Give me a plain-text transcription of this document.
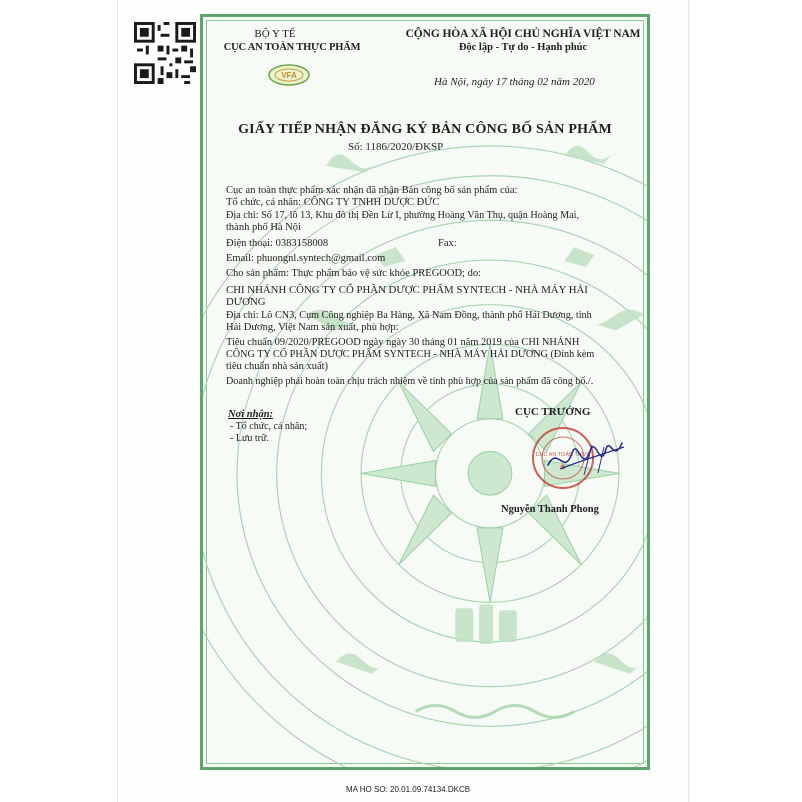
BỘ Y TẾ
CỤC AN TOÀN THỰC PHẨM
VFA
CỘNG HÒA XÃ HỘI CHỦ NGHĨA VIỆT NAM
Độc lập - Tự do - Hạnh phúc
Hà Nội, ngày 17 tháng 02 năm 2020
GIẤY TIẾP NHẬN ĐĂNG KÝ BẢN CÔNG BỐ SẢN PHẨM
Số: 1186/2020/ĐKSP
Cục an toàn thực phẩm xác nhận đã nhận Bản công bố sản phẩm của:
Tổ chức, cá nhân: CÔNG TY TNHH DƯỢC ĐỨC
Địa chỉ: Số 17, lô 13, Khu đô thị Đền Lừ I, phường Hoàng Văn Thụ, quận Hoàng Mai,
thành phố Hà Nội
Điện thoại: 0383158008	Fax:
Email: phuongnl.syntech@gmail.com
Cho sản phẩm: Thực phẩm bảo vệ sức khỏe PREGOOD; do:
CHI NHÁNH CÔNG TY CỔ PHẦN DƯỢC PHẨM SYNTECH - NHÀ MÁY HẢI
DƯƠNG
Địa chỉ: Lô CN3, Cụm Công nghiệp Ba Hàng, Xã Nam Đồng, thành phố Hải Dương, tỉnh
Hải Dương, Việt Nam sản xuất, phù hợp:
Tiêu chuẩn 09/2020/PREGOOD ngày ngày 30 tháng 01 năm 2019 của CHI NHÁNH
CÔNG TY CỔ PHẦN DƯỢC PHẨM SYNTECH - NHÀ MÁY HẢI DƯƠNG (Đính kèm
tiêu chuẩn nhà sản xuất)
Doanh nghiệp phải hoàn toàn chịu trách nhiệm về tính phù hợp của sản phẩm đã công bố./.
Nơi nhận:
- Tổ chức, cá nhân;
- Lưu trữ.
CỤC TRƯỞNG
CỤC AN TOÀN THỰC
Nguyễn Thanh Phong
MA HO SO: 20.01.09.74134.DKCB
